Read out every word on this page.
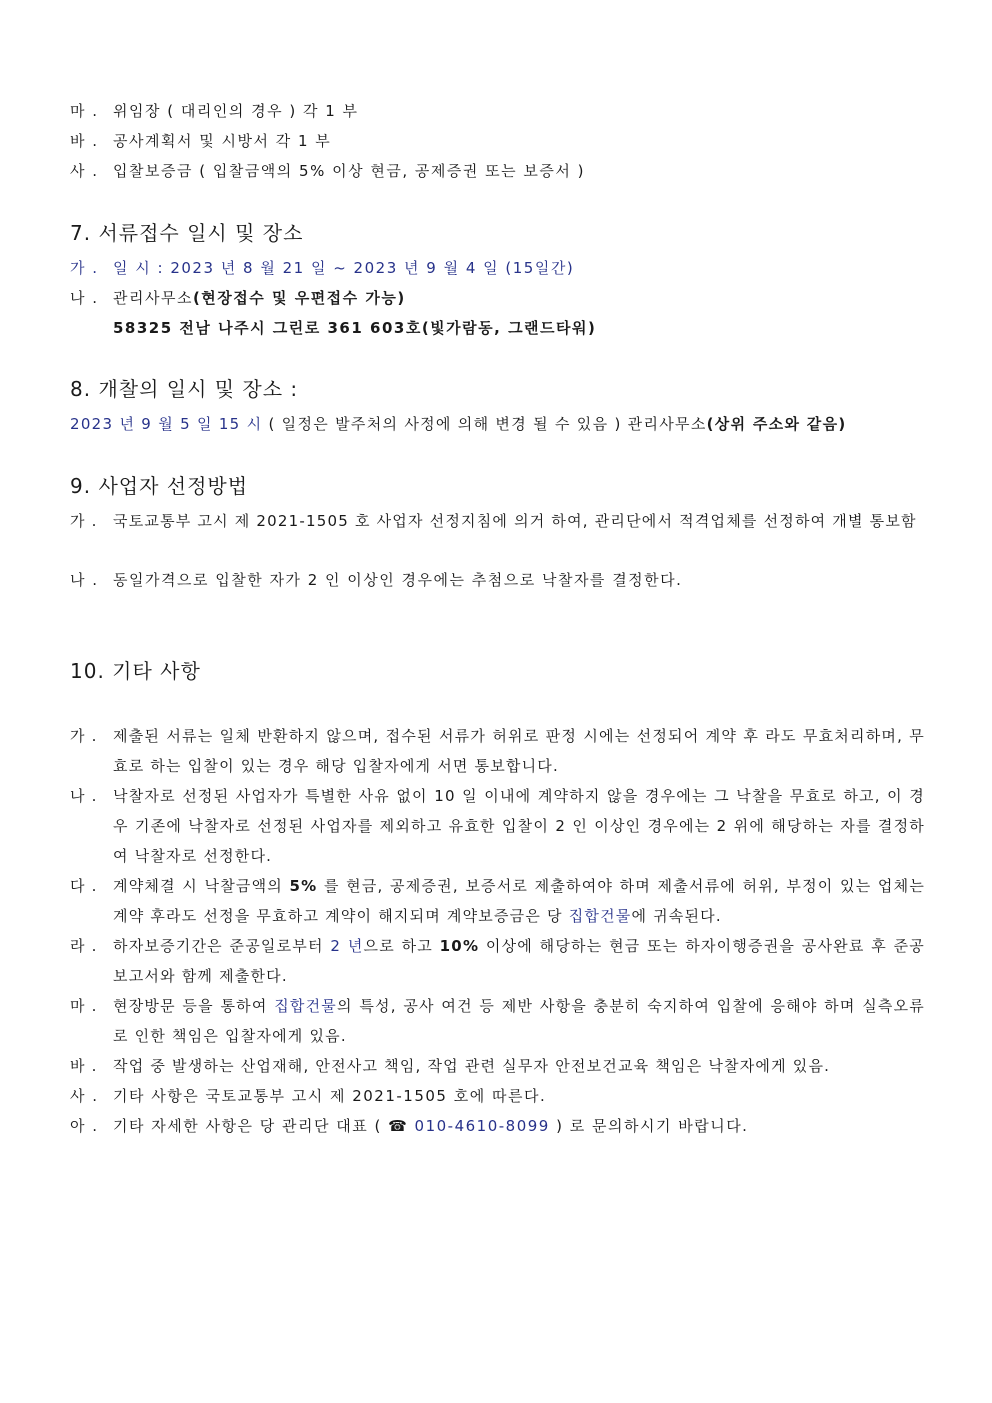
마 . 위임장 ( 대리인의 경우 ) 각 1 부
바 . 공사계획서 및 시방서 각 1 부
사 . 입찰보증금 ( 입찰금액의 5% 이상 현금, 공제증권 또는 보증서 )
7. 서류접수 일시 및 장소
가 . 일 시 : 2023 년 8 월 21 일 ~ 2023 년 9 월 4 일 (15일간)
나 . 관리사무소(현장접수 및 우편접수 가능)
58325 전남 나주시 그린로 361 603호(빛가람동, 그랜드타워)
8. 개찰의 일시 및 장소 :
2023 년 9 월 5 일 15 시 ( 일정은 발주처의 사정에 의해 변경 될 수 있음 ) 관리사무소(상위 주소와 같음)
9. 사업자 선정방법
가 .	국토교통부 고시 제 2021-1505 호 사업자 선정지침에 의거 하여, 관리단에서 적격업체를 선정하여 개별 통보함
나 . 동일가격으로 입찰한 자가 2 인 이상인 경우에는 추첨으로 낙찰자를 결정한다.
10. 기타 사항
가 .	제출된 서류는 일체 반환하지 않으며, 접수된 서류가 허위로 판정 시에는 선정되어 계약 후 라도 무효처리하며, 무효로 하는 입찰이 있는 경우 해당 입찰자에게 서면 통보합니다.
나 .	낙찰자로 선정된 사업자가 특별한 사유 없이 10 일 이내에 계약하지 않을 경우에는 그 낙찰을 무효로 하고, 이 경우 기존에 낙찰자로 선정된 사업자를 제외하고 유효한 입찰이 2 인 이상인 경우에는 2 위에 해당하는 자를 결정하여 낙찰자로 선정한다.
다 .	계약체결 시 낙찰금액의 5% 를 현금, 공제증권, 보증서로 제출하여야 하며 제출서류에 허위, 부정이 있는 업체는 계약 후라도 선정을 무효하고 계약이 해지되며 계약보증금은 당 집합건물에 귀속된다.
라 .	하자보증기간은 준공일로부터 2 년으로 하고 10% 이상에 해당하는 현금 또는 하자이행증권을 공사완료 후 준공보고서와 함께 제출한다.
마 .	현장방문 등을 통하여 집합건물의 특성, 공사 여건 등 제반 사항을 충분히 숙지하여 입찰에 응해야 하며 실측오류로 인한 책임은 입찰자에게 있음.
바 . 작업 중 발생하는 산업재해, 안전사고 책임, 작업 관련 실무자 안전보건교육 책임은 낙찰자에게 있음.
사 . 기타 사항은 국토교통부 고시 제 2021-1505 호에 따른다.
아 . 기타 자세한 사항은 당 관리단 대표 ( ☎ 010-4610-8099 ) 로 문의하시기 바랍니다.
